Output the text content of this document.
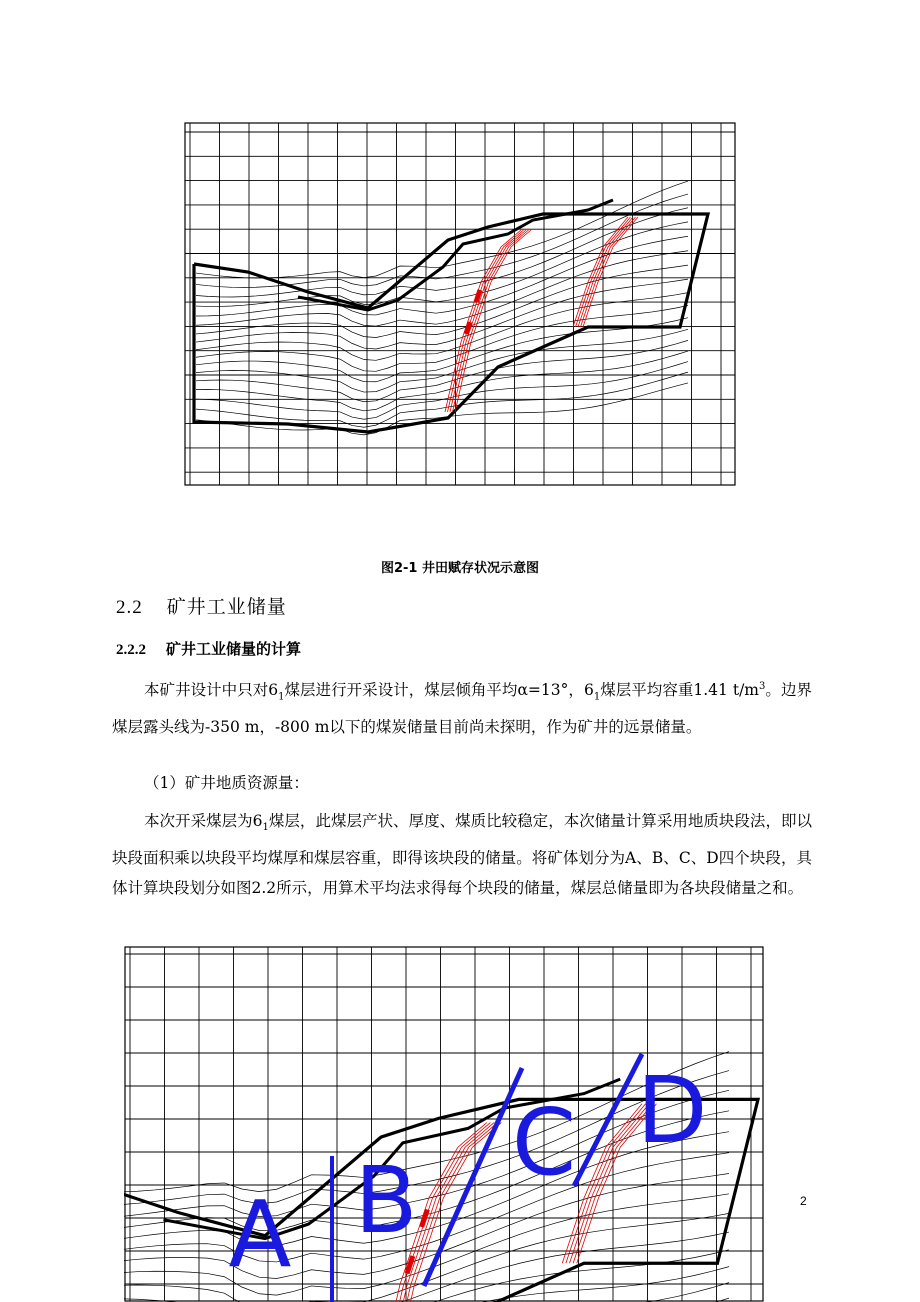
图2-1 井田赋存状况示意图
2.2 矿井工业储量
2.2.2 矿井工业储量的计算
本矿井设计中只对$6_1$煤层进行开采设计，煤层倾角平均α=13°，$6_1$煤层平均容重1.41 $t/m^3$。边界煤层露头线为-350 m，-800 m以下的煤炭储量目前尚未探明，作为矿井的远景储量。
（1）矿井地质资源量：
本次开采煤层为$6_1$煤层，此煤层产状、厚度、煤质比较稳定，本次储量计算采用地质块段法，即以块段面积乘以块段平均煤厚和煤层容重，即得该块段的储量。将矿体划分为A、B、C、D四个块段，具体计算块段划分如图2.2所示，用算术平均法求得每个块段的储量，煤层总储量即为各块段储量之和。
A B
C D
2
